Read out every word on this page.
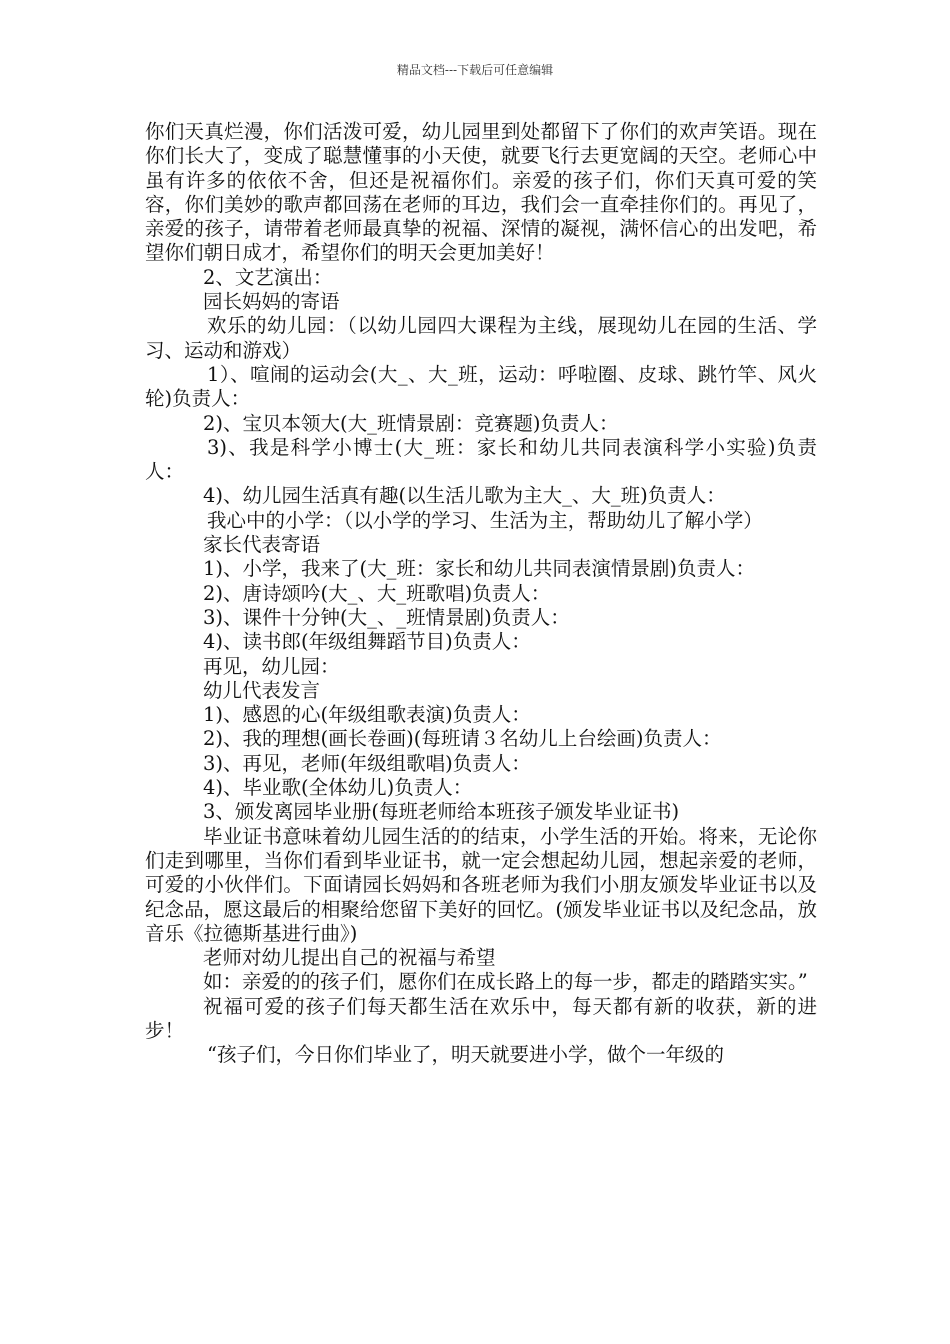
精品文档---下载后可任意编辑

你们天真烂漫，你们活泼可爱，幼儿园里到处都留下了你们的欢声笑语。现在你们长大了，变成了聪慧懂事的小天使，就要飞行去更宽阔的天空。老师心中虽有许多的依依不舍，但还是祝福你们。亲爱的孩子们，你们天真可爱的笑容，你们美妙的歌声都回荡在老师的耳边，我们会一直牵挂你们的。再见了，亲爱的孩子，请带着老师最真挚的祝福、深情的凝视，满怀信心的出发吧，希望你们朝日成才，希望你们的明天会更加美好！

2、文艺演出：

园长妈妈的寄语

欢乐的幼儿园：（以幼儿园四大课程为主线，展现幼儿在园的生活、学习、运动和游戏）

1）、喧闹的运动会(大_、大_班，运动：呼啦圈、皮球、跳竹竿、风火轮)负责人：

2)、宝贝本领大(大_班情景剧：竞赛题)负责人：

3)、我是科学小博士(大_班：家长和幼儿共同表演科学小实验)负责人：

4)、幼儿园生活真有趣(以生活儿歌为主大_、大_班)负责人：

我心中的小学：（以小学的学习、生活为主，帮助幼儿了解小学）

家长代表寄语

1)、小学，我来了(大_班：家长和幼儿共同表演情景剧)负责人：

2)、唐诗颂吟(大_、大_班歌唱)负责人：

3)、课件十分钟(大_、_班情景剧)负责人：

4)、读书郎(年级组舞蹈节目)负责人：

再见，幼儿园：

幼儿代表发言

1)、感恩的心(年级组歌表演)负责人：

2)、我的理想(画长卷画)(每班请３名幼儿上台绘画)负责人：

3)、再见，老师(年级组歌唱)负责人：

4)、毕业歌(全体幼儿)负责人：

3、颁发离园毕业册(每班老师给本班孩子颁发毕业证书)

毕业证书意味着幼儿园生活的的结束，小学生活的开始。将来，无论你们走到哪里，当你们看到毕业证书，就一定会想起幼儿园，想起亲爱的老师，可爱的小伙伴们。下面请园长妈妈和各班老师为我们小朋友颁发毕业证书以及纪念品，愿这最后的相聚给您留下美好的回忆。(颁发毕业证书以及纪念品，放音乐《拉德斯基进行曲》)

老师对幼儿提出自己的祝福与希望

如：亲爱的的孩子们，愿你们在成长路上的每一步，都走的踏踏实实。”

祝福可爱的孩子们每天都生活在欢乐中，每天都有新的收获，新的进步！

“孩子们，今日你们毕业了，明天就要进小学，做个一年级的
